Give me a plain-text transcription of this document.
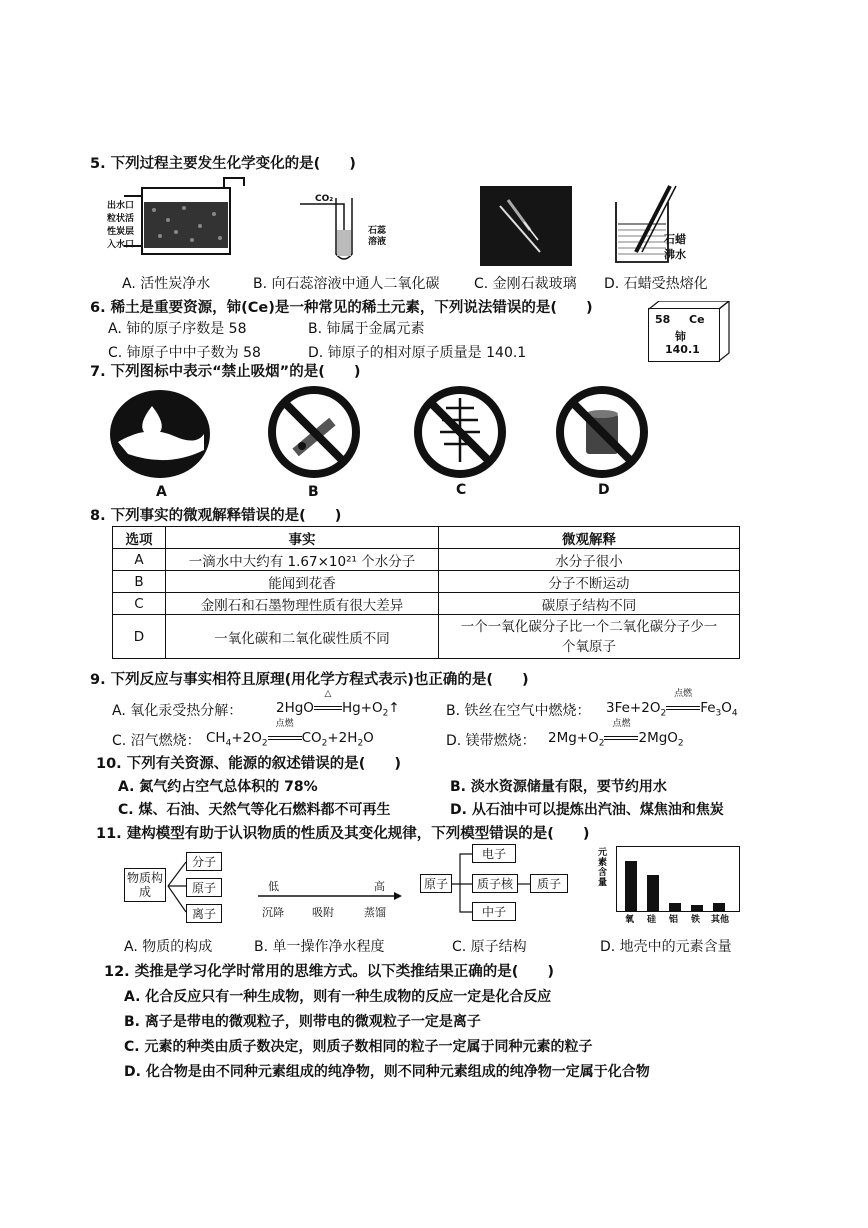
5. 下列过程主要发生化学变化的是(　　)
出水口
粒状活
性炭层
入水口
CO₂
石蕊
溶液	石蜡
沸水
A. 活性炭净水	B. 向石蕊溶液中通人二氧化碳 C. 金刚石裁玻璃 D. 石蜡受热熔化
6. 稀土是重要资源，铈(Ce)是一种常见的稀土元素，下列说法错误的是(　　)
A. 铈的原子序数是 58	B. 铈属于金属元素
C. 铈原子中中子数为 58	D. 铈原子的相对原子质量是 140.1
58 Ce
铈
140.1
7. 下列图标中表示“禁止吸烟”的是(　　)
A	B	C	D
8. 下列事实的微观解释错误的是(　　)
选项	事实	微观解释
A	一滴水中大约有 1.67×10²¹ 个水分子	水分子很小
B	能闻到花香	分子不断运动
C	金刚石和石墨物理性质有很大差异	碳原子结构不同
D	一氧化碳和二氧化碳性质不同	一个一氧化碳分子比一个二氧化碳分子少一个氧原子
9. 下列反应与事实相符且原理(用化学方程式表示)也正确的是(　　)
A. 氧化汞受热分解：	2HgO
△
$Hg+O_2↑$	B. 铁丝在空气中燃烧： $3Fe+2O_2$
点燃
$Fe_3O_4$
C. 沼气燃烧： $CH_4+2O_2$
点燃
$CO_2+2H_2O$	D. 镁带燃烧： $2Mg+O_2$
点燃
2MgO$_2$
10. 下列有关资源、能源的叙述错误的是(　　)
A. 氮气约占空气总体积的 78%	B. 淡水资源储量有限，要节约用水
C. 煤、石油、天然气等化石燃料都不可再生	D. 从石油中可以提炼出汽油、煤焦油和焦炭
11. 建构模型有助于认识物质的性质及其变化规律，下列模型错误的是(　　)
物质构成
分子
原子
离子
低	高
沉降	吸附	蒸馏
原子
电子
质子核
中子
质子
元素含量
氧 硅 铝 铁 其他
A. 物质的构成	B. 单一操作净水程度	C. 原子结构	D. 地壳中的元素含量
12. 类推是学习化学时常用的思维方式。以下类推结果正确的是(　　)
A. 化合反应只有一种生成物，则有一种生成物的反应一定是化合反应
B. 离子是带电的微观粒子，则带电的微观粒子一定是离子
C. 元素的种类由质子数决定，则质子数相同的粒子一定属于同种元素的粒子
D. 化合物是由不同种元素组成的纯净物，则不同种元素组成的纯净物一定属于化合物
